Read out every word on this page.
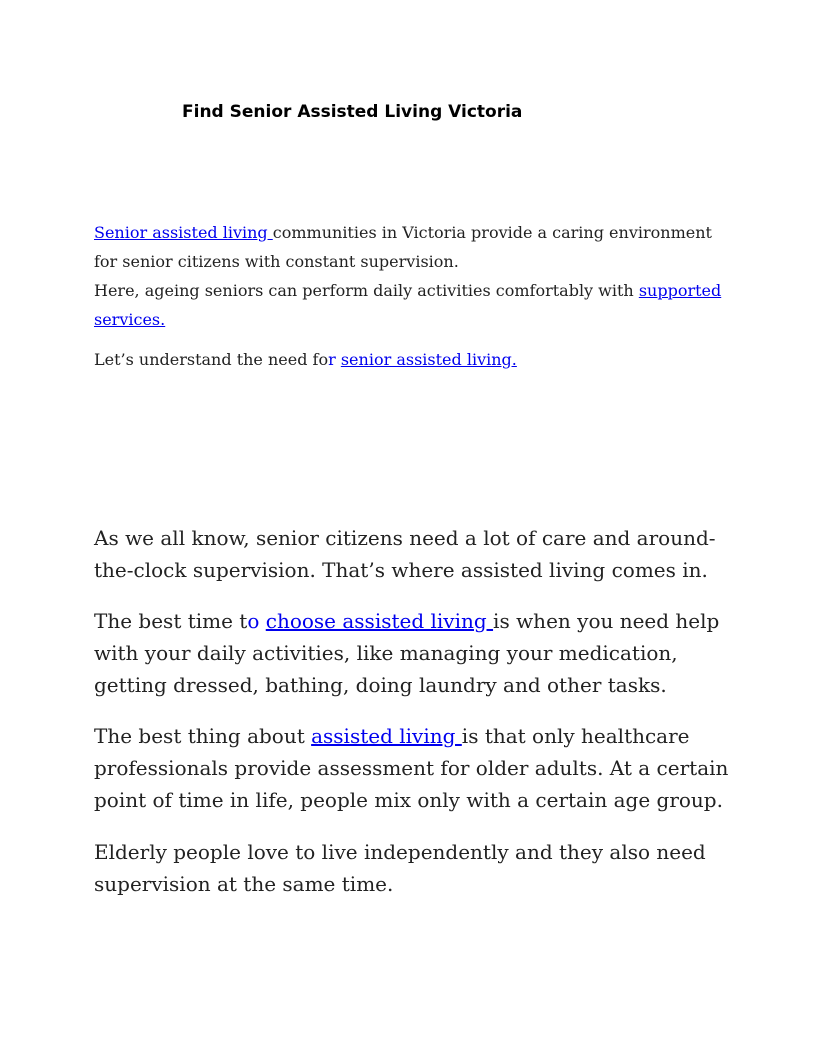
Find Senior Assisted Living Victoria

Senior assisted living communities in Victoria provide a caring environment for senior citizens with constant supervision.
Here, ageing seniors can perform daily activities comfortably with supported services.

Let’s understand the need for senior assisted living.

As we all know, senior citizens need a lot of care and around-the-clock supervision. That’s where assisted living comes in.

The best time to choose assisted living is when you need help with your daily activities, like managing your medication, getting dressed, bathing, doing laundry and other tasks.

The best thing about assisted living is that only healthcare professionals provide assessment for older adults. At a certain point of time in life, people mix only with a certain age group.

Elderly people love to live independently and they also need supervision at the same time.
